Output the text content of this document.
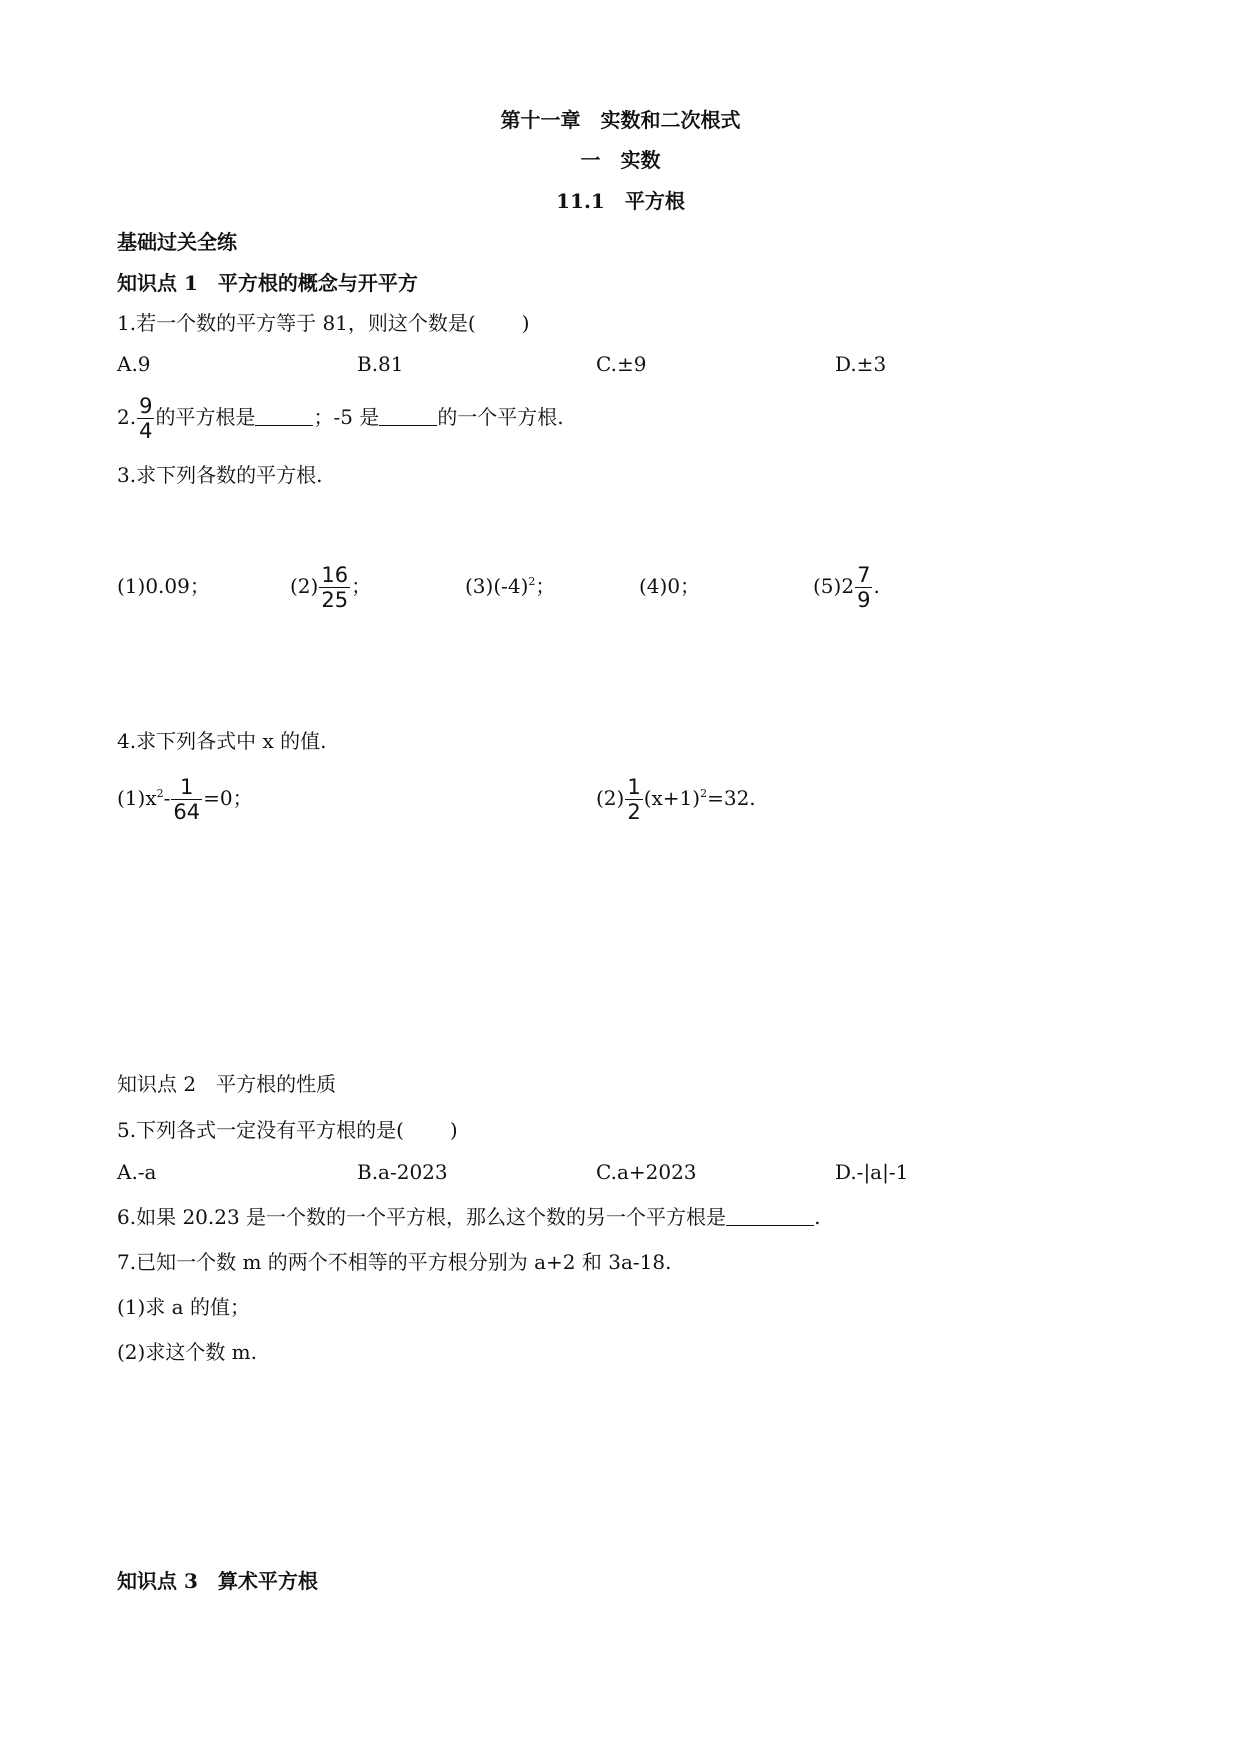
第十一章　实数和二次根式
一　实数
11.1　平方根
基础过关全练
知识点 1　平方根的概念与开平方
1.若一个数的平方等于 81，则这个数是( )
A.9	B.81	C.±9	D.±3
2. $\frac{9}{4}$ 的平方根是	；-5 是	的一个平方根.
3.求下列各数的平方根.
(1)0.09；	$(2) \frac{16}{25}$ ；	$(3)(-4)^2$；	(4)0；	$(5)2 \frac{7}{9}$ .
4.求下列各式中 x 的值.
$(1)x^2- \frac{1}{64} =0$；	$(2) \frac{1}{2} (x+1)^2=32$.
知识点 2　平方根的性质
5.下列各式一定没有平方根的是( )
A.-a	B.a-2023	C.a+2023	D.-|a|-1
6.如果 20.23 是一个数的一个平方根，那么这个数的另一个平方根是	.
7.已知一个数 m 的两个不相等的平方根分别为 a+2 和 3a-18.
(1)求 a 的值；
(2)求这个数 m.
知识点 3　算术平方根
